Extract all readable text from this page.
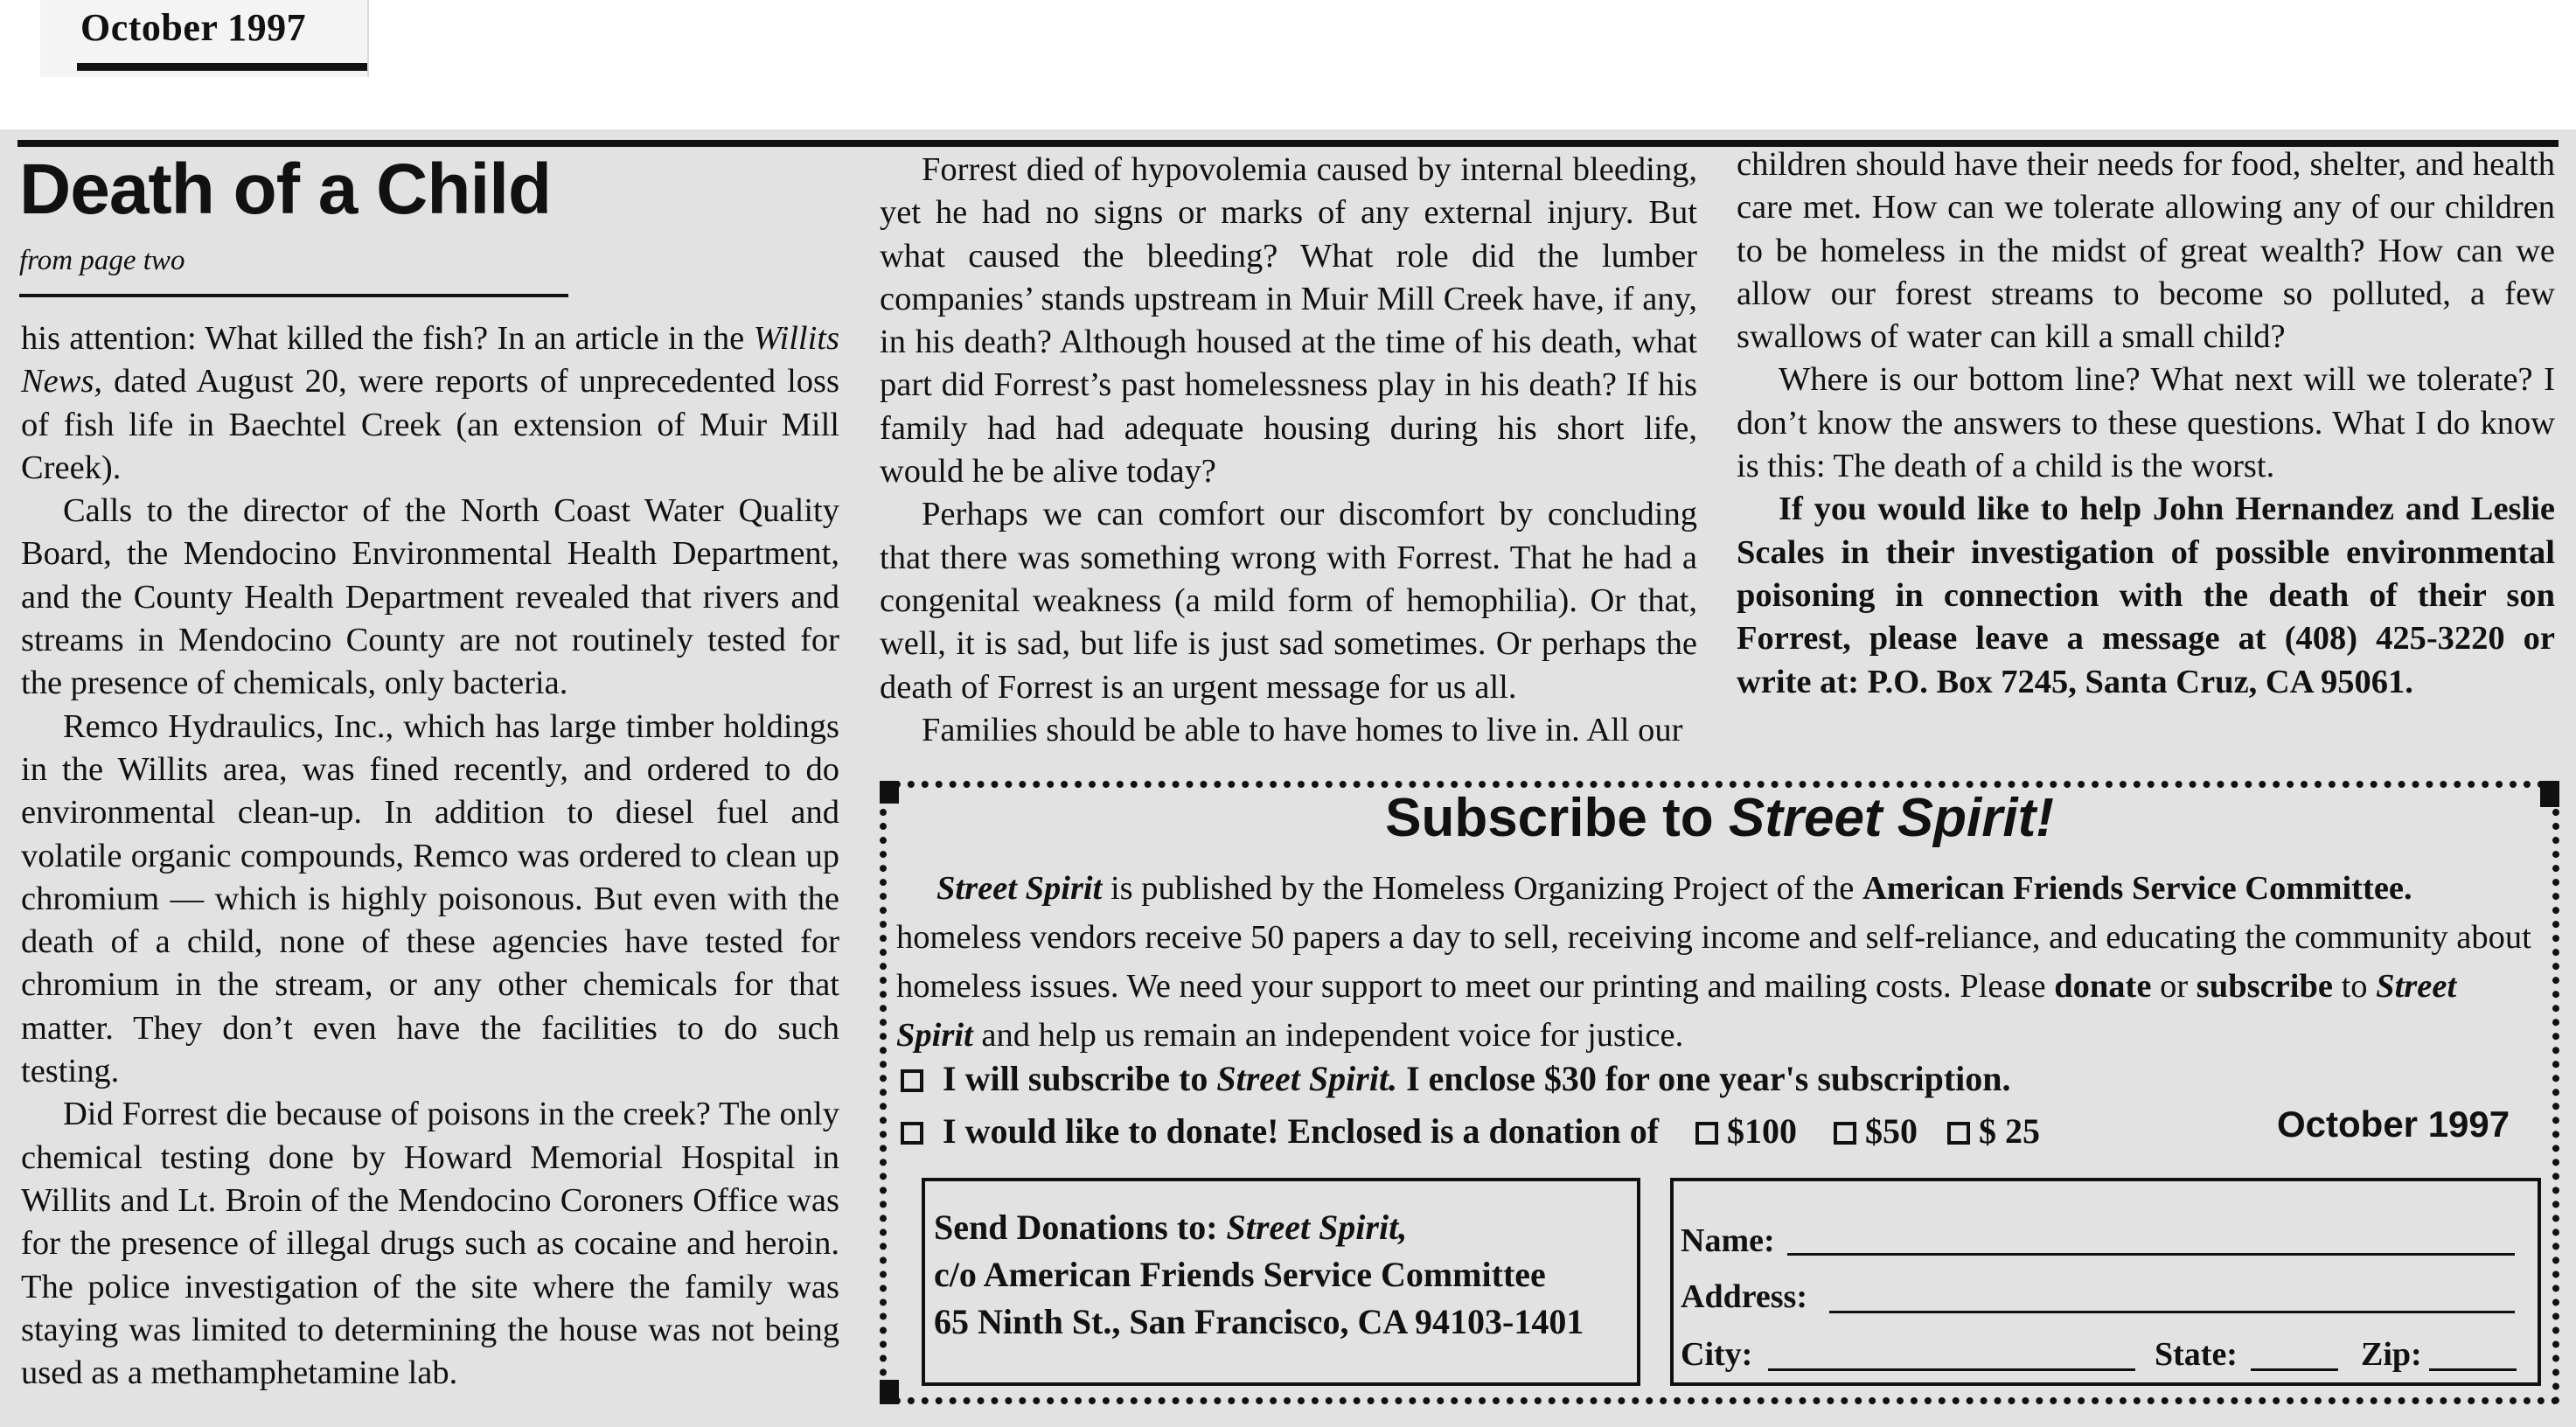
October 1997
Death of a Child
from page two

his attention: What killed the fish? In an article in the Willits News, dated August 20, were reports of unprecedented loss of fish life in Baechtel Creek (an extension of Muir Mill Creek).

Calls to the director of the North Coast Water Quality Board, the Mendocino Environmental Health Department, and the County Health Department revealed that rivers and streams in Mendocino County are not routinely tested for the presence of chemicals, only bacteria.

Remco Hydraulics, Inc., which has large timber holdings in the Willits area, was fined recently, and ordered to do environmental clean-up. In addition to diesel fuel and volatile organic compounds, Remco was ordered to clean up chromium — which is highly poisonous. But even with the death of a child, none of these agencies have tested for chromium in the stream, or any other chemicals for that matter. They don’t even have the facilities to do such testing.

Did Forrest die because of poisons in the creek? The only chemical testing done by Howard Memorial Hospital in Willits and Lt. Broin of the Mendocino Coroners Office was for the presence of illegal drugs such as cocaine and heroin. The police investigation of the site where the family was staying was limited to determining the house was not being used as a methamphetamine lab.

Forrest died of hypovolemia caused by internal bleeding, yet he had no signs or marks of any external injury. But what caused the bleeding? What role did the lumber companies’ stands upstream in Muir Mill Creek have, if any, in his death? Although housed at the time of his death, what part did Forrest’s past homelessness play in his death? If his family had had adequate housing during his short life, would he be alive today?

Perhaps we can comfort our discomfort by concluding that there was something wrong with Forrest. That he had a congenital weakness (a mild form of hemophilia). Or that, well, it is sad, but life is just sad sometimes. Or perhaps the death of Forrest is an urgent message for us all.

Families should be able to have homes to live in. All our

children should have their needs for food, shelter, and health care met. How can we tolerate allowing any of our children to be homeless in the midst of great wealth? How can we allow our forest streams to become so polluted, a few swallows of water can kill a small child?

Where is our bottom line? What next will we tolerate? I don’t know the answers to these questions. What I do know is this: The death of a child is the worst.

If you would like to help John Hernandez and Leslie Scales in their investigation of possible environmental poisoning in connection with the death of their son Forrest, please leave a message at (408) 425-3220 or write at: P.O. Box 7245, Santa Cruz, CA 95061.

Subscribe to Street Spirit!
Street Spirit is published by the Homeless Organizing Project of the American Friends Service Committee. homeless vendors receive 50 papers a day to sell, receiving income and self-reliance, and educating the community about homeless issues. We need your support to meet our printing and mailing costs. Please donate or subscribe to Street Spirit and help us remain an independent voice for justice.
I will subscribe to Street Spirit. I enclose $30 for one year's subscription.
I would like to donate! Enclosed is a donation of $100 $50 $ 25	October 1997
Send Donations to: Street Spirit,
c/o American Friends Service Committee
65 Ninth St., San Francisco, CA 94103-1401
Name:
Address:
City:	State:	Zip:
